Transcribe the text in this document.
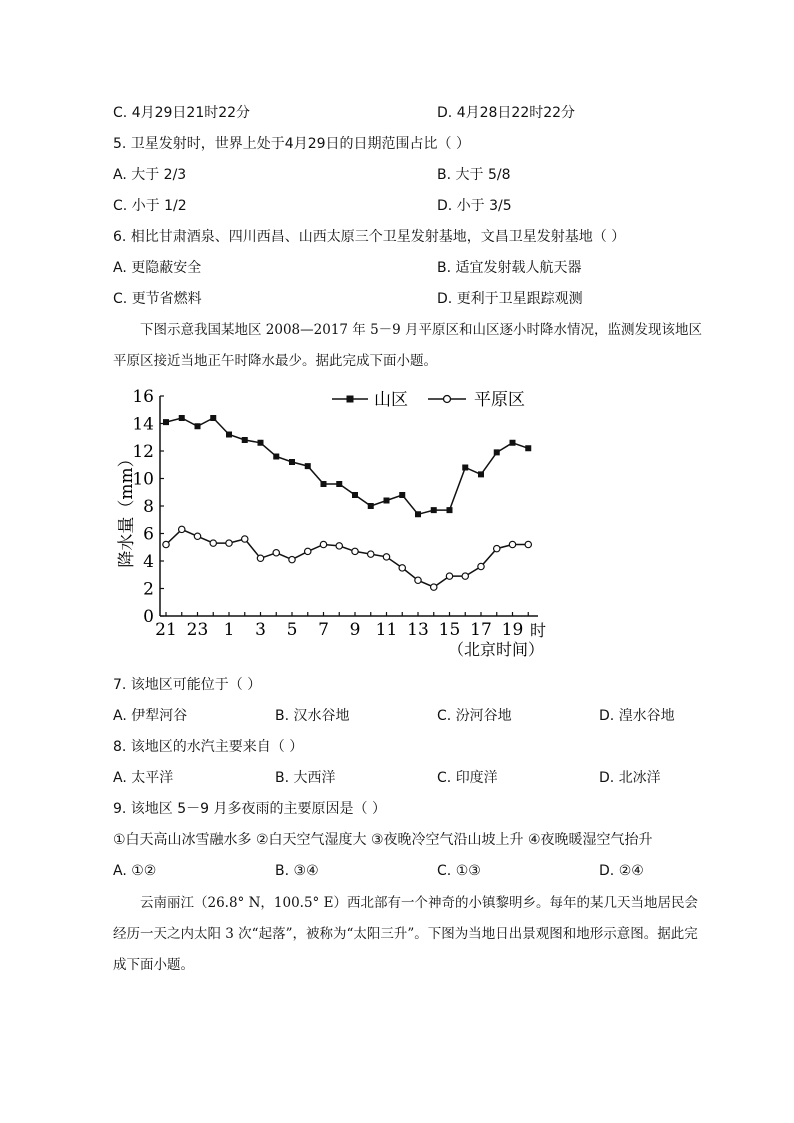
C. 4月29日21时22分	D. 4月28日22时22分
5. 卫星发射时，世界上处于4月29日的日期范围占比（ ）
A. 大于 2/3	B. 大于 5/8
C. 小于 1/2	D. 小于 3/5
6. 相比甘肃酒泉、四川西昌、山西太原三个卫星发射基地，文昌卫星发射基地（ ）
A. 更隐蔽安全	B. 适宜发射载人航天器
C. 更节省燃料	D. 更利于卫星跟踪观测
下图示意我国某地区 2008—2017 年 5－9 月平原区和山区逐小时降水情况，监测发现该地区平原区接近当地正午时降水最少。据此完成下面小题。
0
2
4
6
8
10
12
14
16
21 23 1 3 5 7 9 11 13 15 17 19
山区	平原区
时
（北京时间）
降水量（mm）
7. 该地区可能位于（ ）
A. 伊犁河谷	B. 汉水谷地	C. 汾河谷地	D. 湟水谷地
8. 该地区的水汽主要来自（ ）
A. 太平洋	B. 大西洋	C. 印度洋	D. 北冰洋
9. 该地区 5－9 月多夜雨的主要原因是（ ）
①白天高山冰雪融水多 ②白天空气湿度大 ③夜晚冷空气沿山坡上升 ④夜晚暖湿空气抬升
A. ①②	B. ③④	C. ①③	D. ②④
云南丽江（26.8° N，100.5° E）西北部有一个神奇的小镇黎明乡。每年的某几天当地居民会经历一天之内太阳 3 次“起落”，被称为“太阳三升”。下图为当地日出景观图和地形示意图。据此完成下面小题。
